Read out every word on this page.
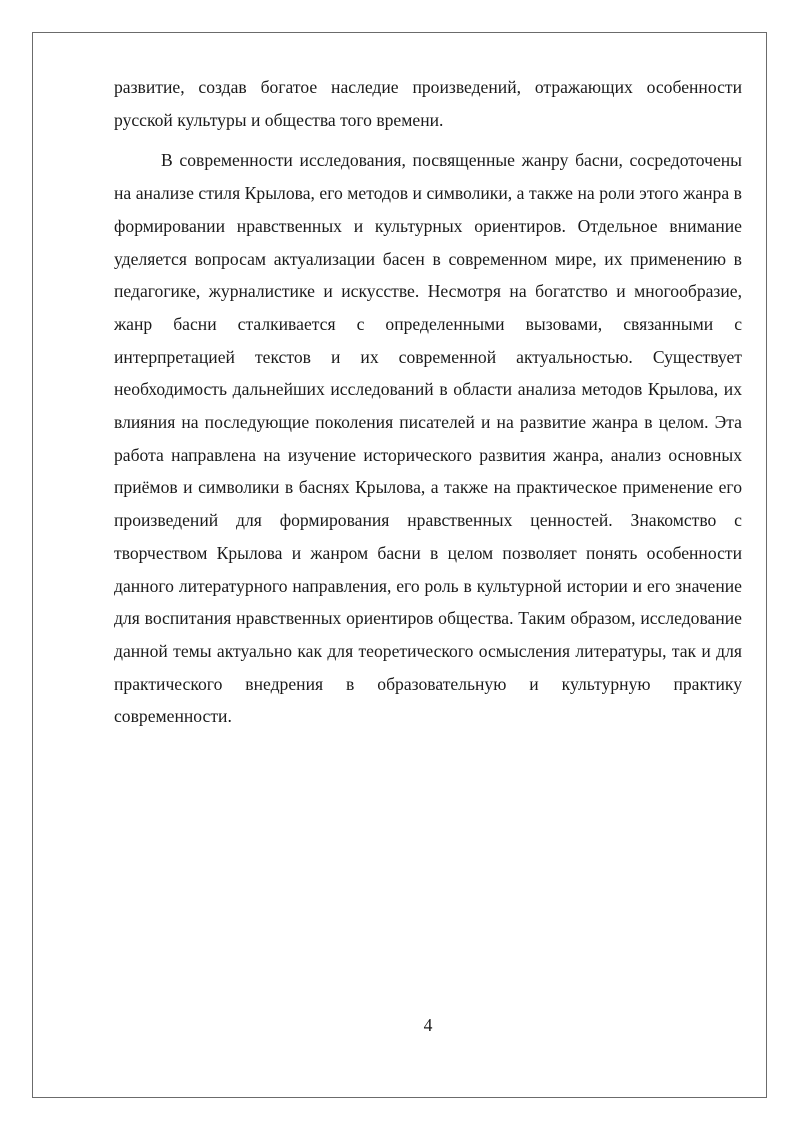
развитие, создав богатое наследие произведений, отражающих особенности русской культуры и общества того времени.

В современности исследования, посвященные жанру басни, сосредоточены на анализе стиля Крылова, его методов и символики, а также на роли этого жанра в формировании нравственных и культурных ориентиров. Отдельное внимание уделяется вопросам актуализации басен в современном мире, их применению в педагогике, журналистике и искусстве. Несмотря на богатство и многообразие, жанр басни сталкивается с определенными вызовами, связанными с интерпретацией текстов и их современной актуальностью. Существует необходимость дальнейших исследований в области анализа методов Крылова, их влияния на последующие поколения писателей и на развитие жанра в целом. Эта работа направлена на изучение исторического развития жанра, анализ основных приёмов и символики в баснях Крылова, а также на практическое применение его произведений для формирования нравственных ценностей. Знакомство с творчеством Крылова и жанром басни в целом позволяет понять особенности данного литературного направления, его роль в культурной истории и его значение для воспитания нравственных ориентиров общества. Таким образом, исследование данной темы актуально как для теоретического осмысления литературы, так и для практического внедрения в образовательную и культурную практику современности.

4
